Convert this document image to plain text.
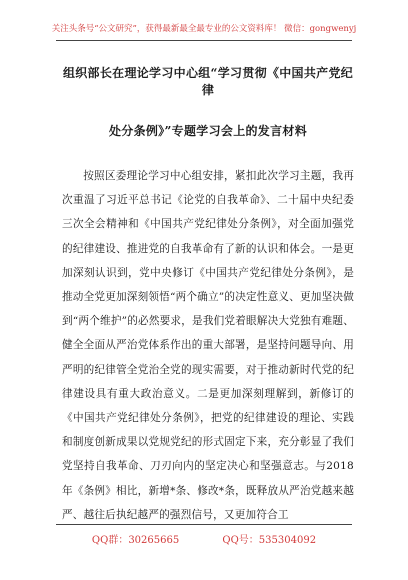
关注头条号“公文研究”，获得最新最全最专业的公文资料库！ 微信：gongwenyj
组织部长在理论学习中心组“学习贯彻《中国共产党纪律
处分条例》”专题学习会上的发言材料
按照区委理论学习中心组安排，紧扣此次学习主题，我再次重温了习近平总书记《论党的自我革命》、二十届中央纪委三次全会精神和《中国共产党纪律处分条例》，对全面加强党的纪律建设、推进党的自我革命有了新的认识和体会。一是更加深刻认识到，党中央修订《中国共产党纪律处分条例》，是推动全党更加深刻领悟“两个确立”的决定性意义、更加坚决做到“两个维护”的必然要求，是我们党着眼解决大党独有难题、健全全面从严治党体系作出的重大部署，是坚持问题导向、用严明的纪律管全党治全党的现实需要，对于推动新时代党的纪律建设具有重大政治意义。二是更加深刻理解到，新修订的《中国共产党纪律处分条例》，把党的纪律建设的理论、实践和制度创新成果以党规党纪的形式固定下来，充分彰显了我们党坚持自我革命、刀刃向内的坚定决心和坚强意志。与2018年《条例》相比，新增*条、修改*条，既释放从严治党越来越严、越往后执纪越严的强烈信号，又更加符合工
QQ群：30265665	QQ号：535304092
